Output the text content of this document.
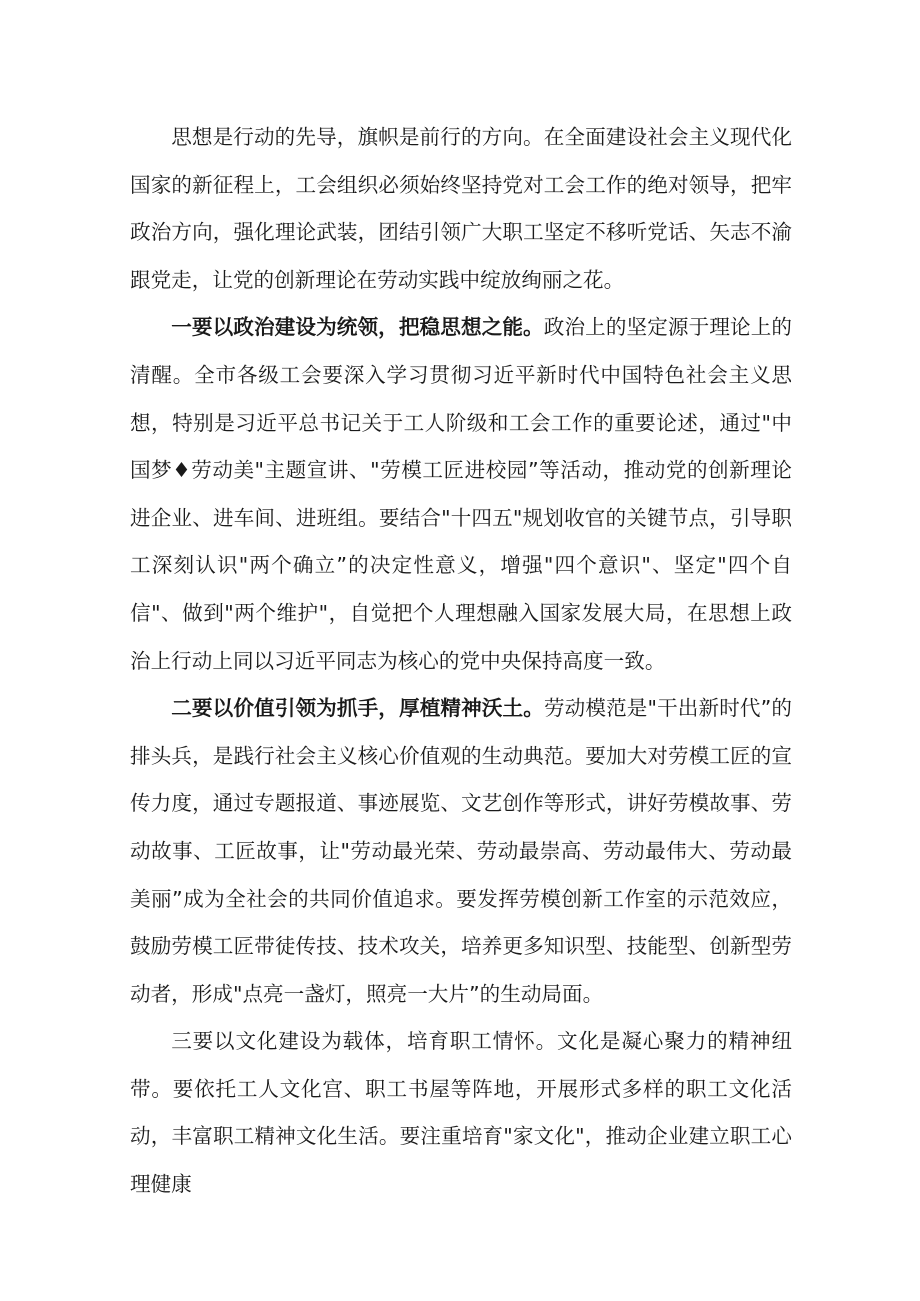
思想是行动的先导，旗帜是前行的方向。在全面建设社会主义现代化国家的新征程上，工会组织必须始终坚持党对工会工作的绝对领导，把牢政治方向，强化理论武装，团结引领广大职工坚定不移听党话、矢志不渝跟党走，让党的创新理论在劳动实践中绽放绚丽之花。

一要以政治建设为统领，把稳思想之能。政治上的坚定源于理论上的清醒。全市各级工会要深入学习贯彻习近平新时代中国特色社会主义思想，特别是习近平总书记关于工人阶级和工会工作的重要论述，通过"中国梦♦劳动美"主题宣讲、"劳模工匠进校园”等活动，推动党的创新理论进企业、进车间、进班组。要结合"十四五"规划收官的关键节点，引导职工深刻认识"两个确立”的决定性意义，增强"四个意识"、坚定"四个自信"、做到"两个维护"，自觉把个人理想融入国家发展大局，在思想上政治上行动上同以习近平同志为核心的党中央保持高度一致。

二要以价值引领为抓手，厚植精神沃土。劳动模范是"干出新时代”的排头兵，是践行社会主义核心价值观的生动典范。要加大对劳模工匠的宣传力度，通过专题报道、事迹展览、文艺创作等形式，讲好劳模故事、劳动故事、工匠故事，让"劳动最光荣、劳动最崇高、劳动最伟大、劳动最美丽”成为全社会的共同价值追求。要发挥劳模创新工作室的示范效应，鼓励劳模工匠带徒传技、技术攻关，培养更多知识型、技能型、创新型劳动者，形成"点亮一盏灯，照亮一大片”的生动局面。

三要以文化建设为载体，培育职工情怀。文化是凝心聚力的精神纽带。要依托工人文化宫、职工书屋等阵地，开展形式多样的职工文化活动，丰富职工精神文化生活。要注重培育"家文化"，推动企业建立职工心理健康
